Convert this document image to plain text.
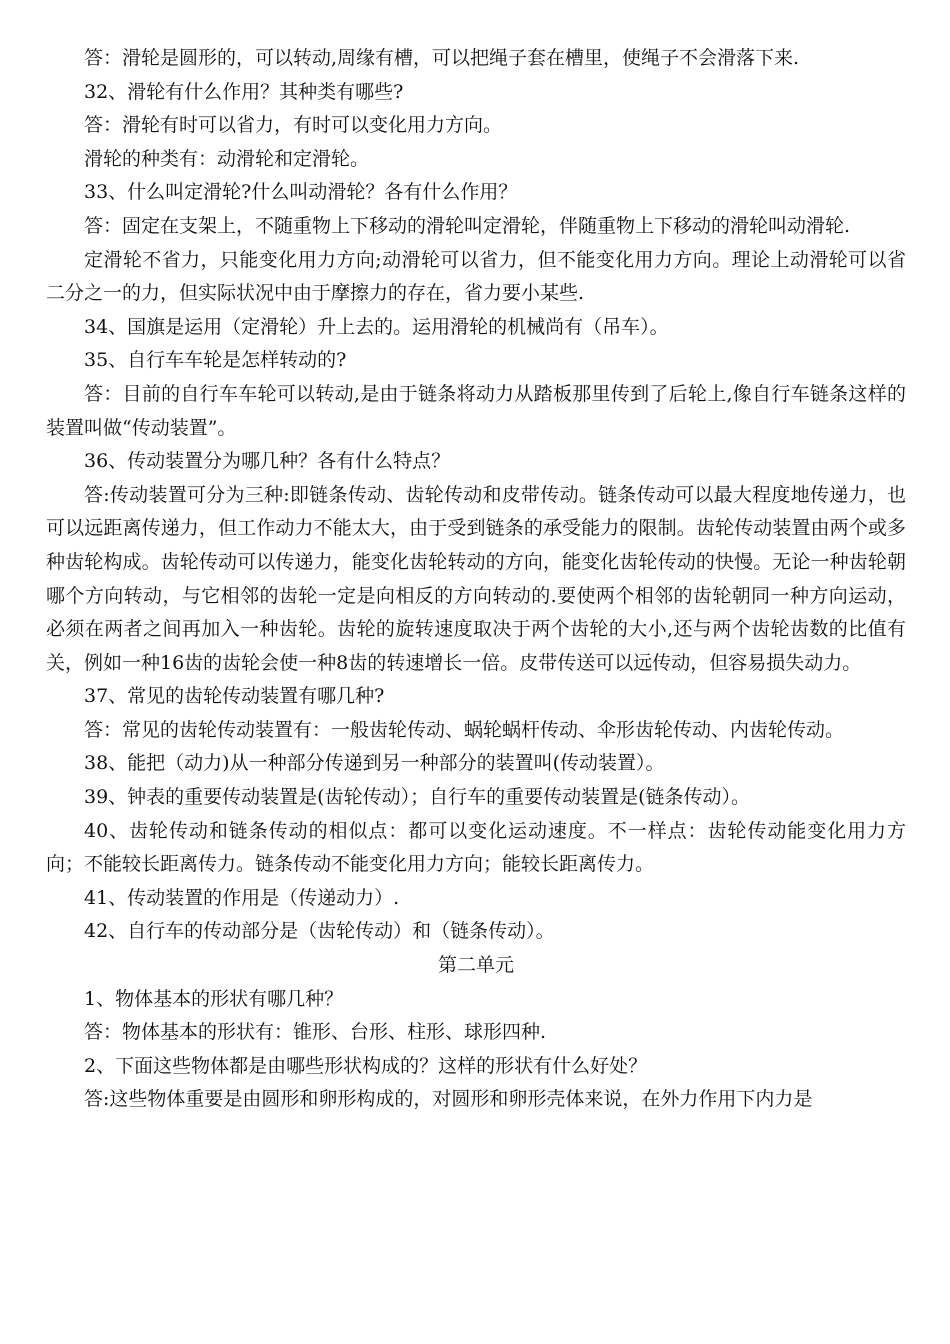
答：滑轮是圆形的，可以转动,周缘有槽，可以把绳子套在槽里，使绳子不会滑落下来.

32、滑轮有什么作用？其种类有哪些?

答：滑轮有时可以省力，有时可以变化用力方向。

滑轮的种类有：动滑轮和定滑轮。

33、什么叫定滑轮?什么叫动滑轮？各有什么作用？

答：固定在支架上，不随重物上下移动的滑轮叫定滑轮，伴随重物上下移动的滑轮叫动滑轮.

定滑轮不省力，只能变化用力方向;动滑轮可以省力，但不能变化用力方向。理论上动滑轮可以省二分之一的力，但实际状况中由于摩擦力的存在，省力要小某些.

34、国旗是运用（定滑轮）升上去的。运用滑轮的机械尚有（吊车）。

35、自行车车轮是怎样转动的?

答：目前的自行车车轮可以转动,是由于链条将动力从踏板那里传到了后轮上,像自行车链条这样的装置叫做“传动装置”。

36、传动装置分为哪几种？各有什么特点？

答:传动装置可分为三种:即链条传动、齿轮传动和皮带传动。链条传动可以最大程度地传递力，也可以远距离传递力，但工作动力不能太大，由于受到链条的承受能力的限制。齿轮传动装置由两个或多种齿轮构成。齿轮传动可以传递力，能变化齿轮转动的方向，能变化齿轮传动的快慢。无论一种齿轮朝哪个方向转动，与它相邻的齿轮一定是向相反的方向转动的.要使两个相邻的齿轮朝同一种方向运动，必须在两者之间再加入一种齿轮。齿轮的旋转速度取决于两个齿轮的大小,还与两个齿轮齿数的比值有关，例如一种16齿的齿轮会使一种8齿的转速增长一倍。皮带传送可以远传动，但容易损失动力。

37、常见的齿轮传动装置有哪几种?

答：常见的齿轮传动装置有：一般齿轮传动、蜗轮蜗杆传动、伞形齿轮传动、内齿轮传动。

38、能把（动力)从一种部分传递到另一种部分的装置叫(传动装置）。

39、钟表的重要传动装置是(齿轮传动）；自行车的重要传动装置是(链条传动）。

40、齿轮传动和链条传动的相似点：都可以变化运动速度。不一样点：齿轮传动能变化用力方向；不能较长距离传力。链条传动不能变化用力方向；能较长距离传力。

41、传动装置的作用是（传递动力）.

42、自行车的传动部分是（齿轮传动）和（链条传动）。

第二单元

1、物体基本的形状有哪几种？

答：物体基本的形状有：锥形、台形、柱形、球形四种.

2、下面这些物体都是由哪些形状构成的？这样的形状有什么好处？

答:这些物体重要是由圆形和卵形构成的，对圆形和卵形壳体来说，在外力作用下内力是
